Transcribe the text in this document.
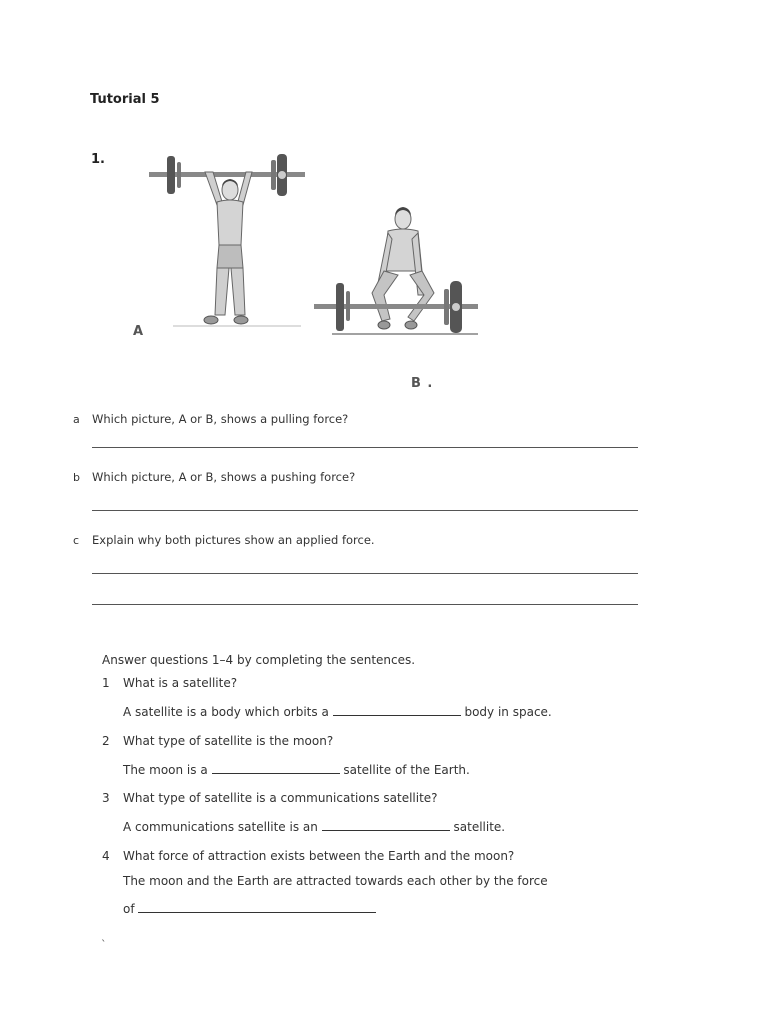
Tutorial 5
1.
A
B .
a Which picture, A or B, shows a pulling force?
b Which picture, A or B, shows a pushing force?
c Explain why both pictures show an applied force.
Answer questions 1–4 by completing the sentences.
1 What is a satellite?
A satellite is a body which orbits a	body in space.
2 What type of satellite is the moon?
The moon is a	satellite of the Earth.
3 What type of satellite is a communications satellite?
A communications satellite is an	satellite.
4 What force of attraction exists between the Earth and the moon?
The moon and the Earth are attracted towards each other by the force
of
`
